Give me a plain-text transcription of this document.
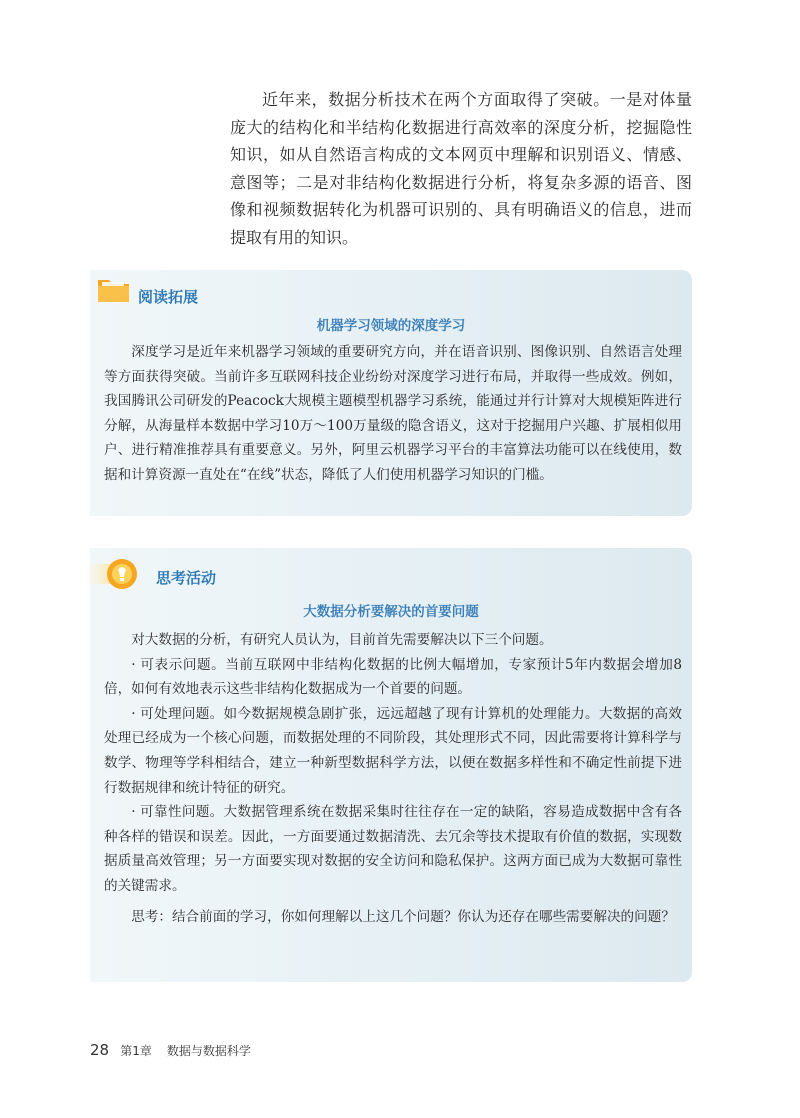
近年来，数据分析技术在两个方面取得了突破。一是对体量庞大的结构化和半结构化数据进行高效率的深度分析，挖掘隐性知识，如从自然语言构成的文本网页中理解和识别语义、情感、意图等；二是对非结构化数据进行分析，将复杂多源的语音、图像和视频数据转化为机器可识别的、具有明确语义的信息，进而提取有用的知识。

阅读拓展
机器学习领域的深度学习

深度学习是近年来机器学习领域的重要研究方向，并在语音识别、图像识别、自然语言处理等方面获得突破。当前许多互联网科技企业纷纷对深度学习进行布局，并取得一些成效。例如，我国腾讯公司研发的Peacock大规模主题模型机器学习系统，能通过并行计算对大规模矩阵进行分解，从海量样本数据中学习10万～100万量级的隐含语义，这对于挖掘用户兴趣、扩展相似用户、进行精准推荐具有重要意义。另外，阿里云机器学习平台的丰富算法功能可以在线使用，数据和计算资源一直处在“在线”状态，降低了人们使用机器学习知识的门槛。

思考活动
大数据分析要解决的首要问题

对大数据的分析，有研究人员认为，目前首先需要解决以下三个问题。

· 可表示问题。当前互联网中非结构化数据的比例大幅增加，专家预计5年内数据会增加8倍，如何有效地表示这些非结构化数据成为一个首要的问题。

· 可处理问题。如今数据规模急剧扩张，远远超越了现有计算机的处理能力。大数据的高效处理已经成为一个核心问题，而数据处理的不同阶段，其处理形式不同，因此需要将计算科学与数学、物理等学科相结合，建立一种新型数据科学方法，以便在数据多样性和不确定性前提下进行数据规律和统计特征的研究。

· 可靠性问题。大数据管理系统在数据采集时往往存在一定的缺陷，容易造成数据中含有各种各样的错误和误差。因此，一方面要通过数据清洗、去冗余等技术提取有价值的数据，实现数据质量高效管理；另一方面要实现对数据的安全访问和隐私保护。这两方面已成为大数据可靠性的关键需求。

思考：结合前面的学习，你如何理解以上这几个问题？你认为还存在哪些需要解决的问题？

28 第1章 数据与数据科学
